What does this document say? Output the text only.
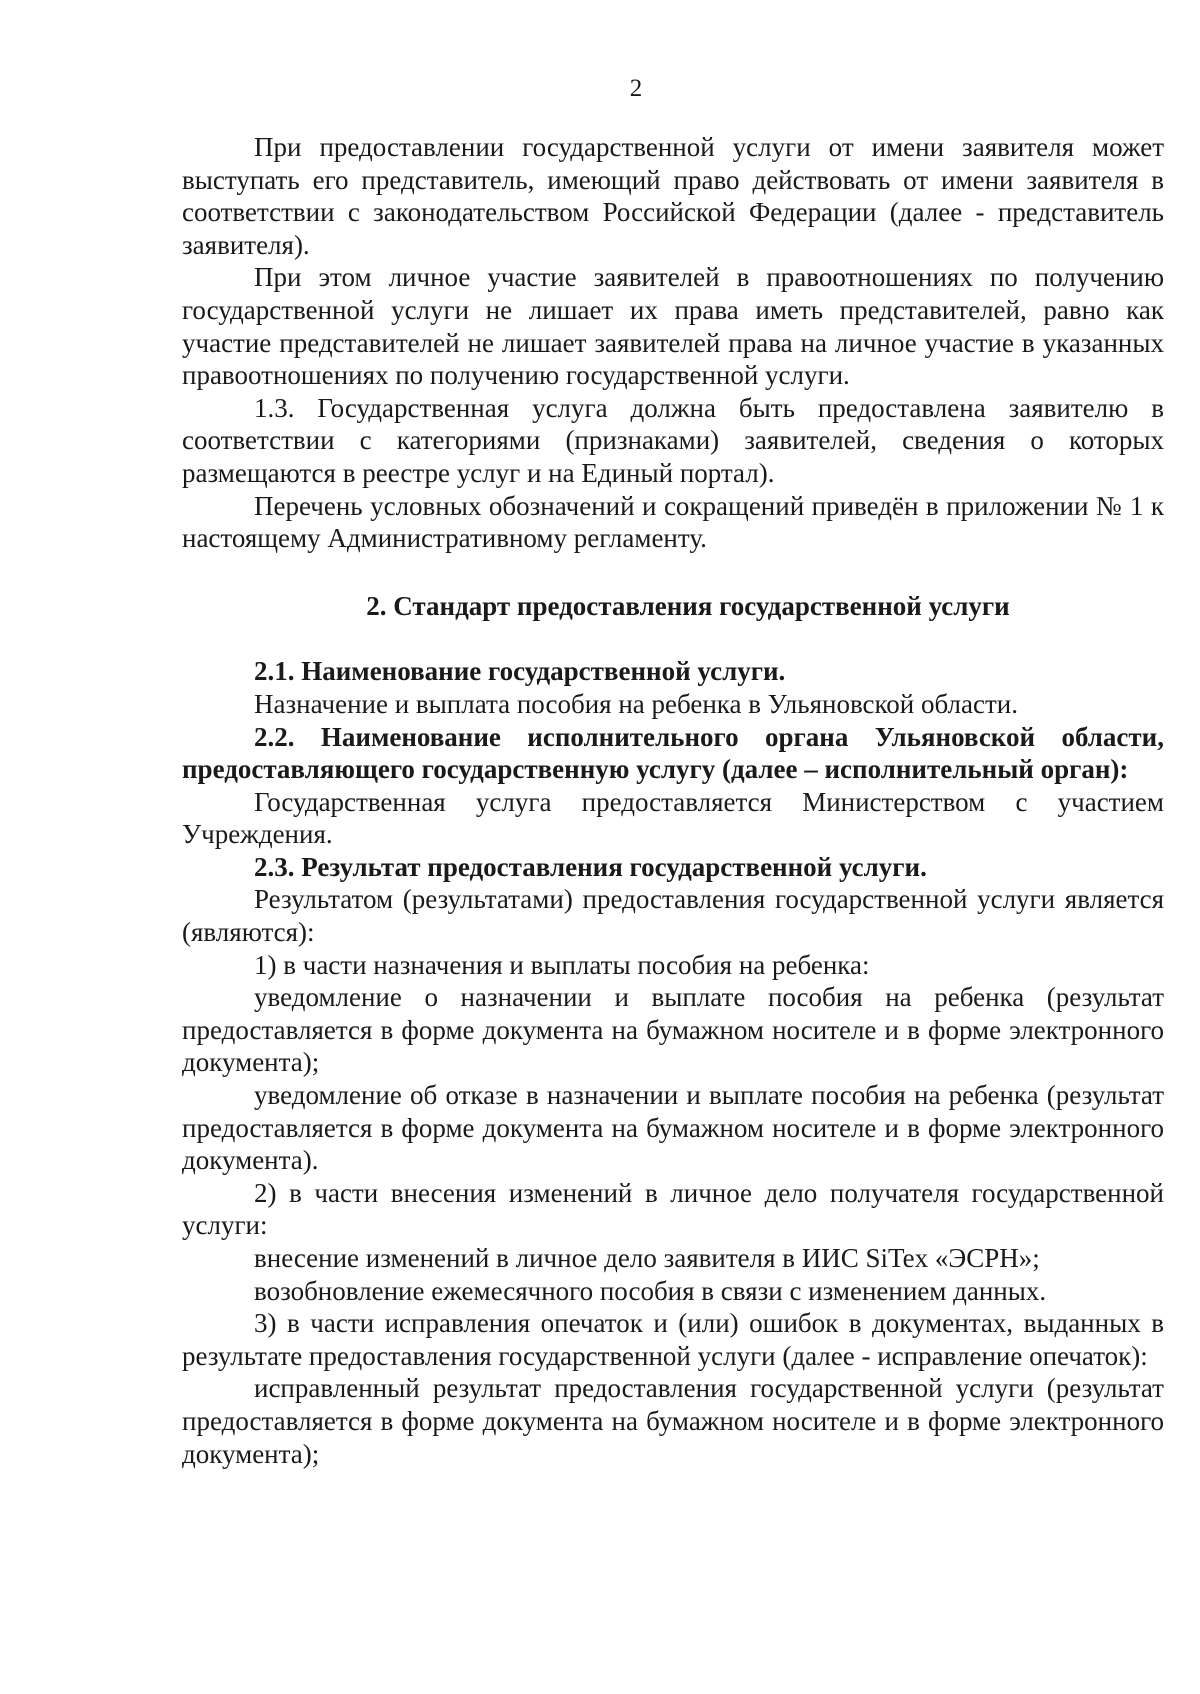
2

При предоставлении государственной услуги от имени заявителя может выступать его представитель, имеющий право действовать от имени заявителя в соответствии с законодательством Российской Федерации (далее - представитель заявителя).

При этом личное участие заявителей в правоотношениях по получению государственной услуги не лишает их права иметь представителей, равно как участие представителей не лишает заявителей права на личное участие в указанных правоотношениях по получению государственной услуги.

1.3. Государственная услуга должна быть предоставлена заявителю в соответствии с категориями (признаками) заявителей, сведения о которых размещаются в реестре услуг и на Единый портал).

Перечень условных обозначений и сокращений приведён в приложении № 1 к настоящему Административному регламенту.

2. Стандарт предоставления государственной услуги

2.1. Наименование государственной услуги.

Назначение и выплата пособия на ребенка в Ульяновской области.

2.2. Наименование исполнительного органа Ульяновской области, предоставляющего государственную услугу (далее – исполнительный орган):

Государственная услуга предоставляется Министерством с участием Учреждения.

2.3. Результат предоставления государственной услуги.

Результатом (результатами) предоставления государственной услуги является (являются):

1) в части назначения и выплаты пособия на ребенка:

уведомление о назначении и выплате пособия на ребенка (результат предоставляется в форме документа на бумажном носителе и в форме электронного документа);

уведомление об отказе в назначении и выплате пособия на ребенка (результат предоставляется в форме документа на бумажном носителе и в форме электронного документа).

2) в части внесения изменений в личное дело получателя государственной услуги:

внесение изменений в личное дело заявителя в ИИС SiTex «ЭСРН»;

возобновление ежемесячного пособия в связи с изменением данных.

3) в части исправления опечаток и (или) ошибок в документах, выданных в результате предоставления государственной услуги (далее - исправление опечаток):

исправленный результат предоставления государственной услуги (результат предоставляется в форме документа на бумажном носителе и в форме электронного документа);
